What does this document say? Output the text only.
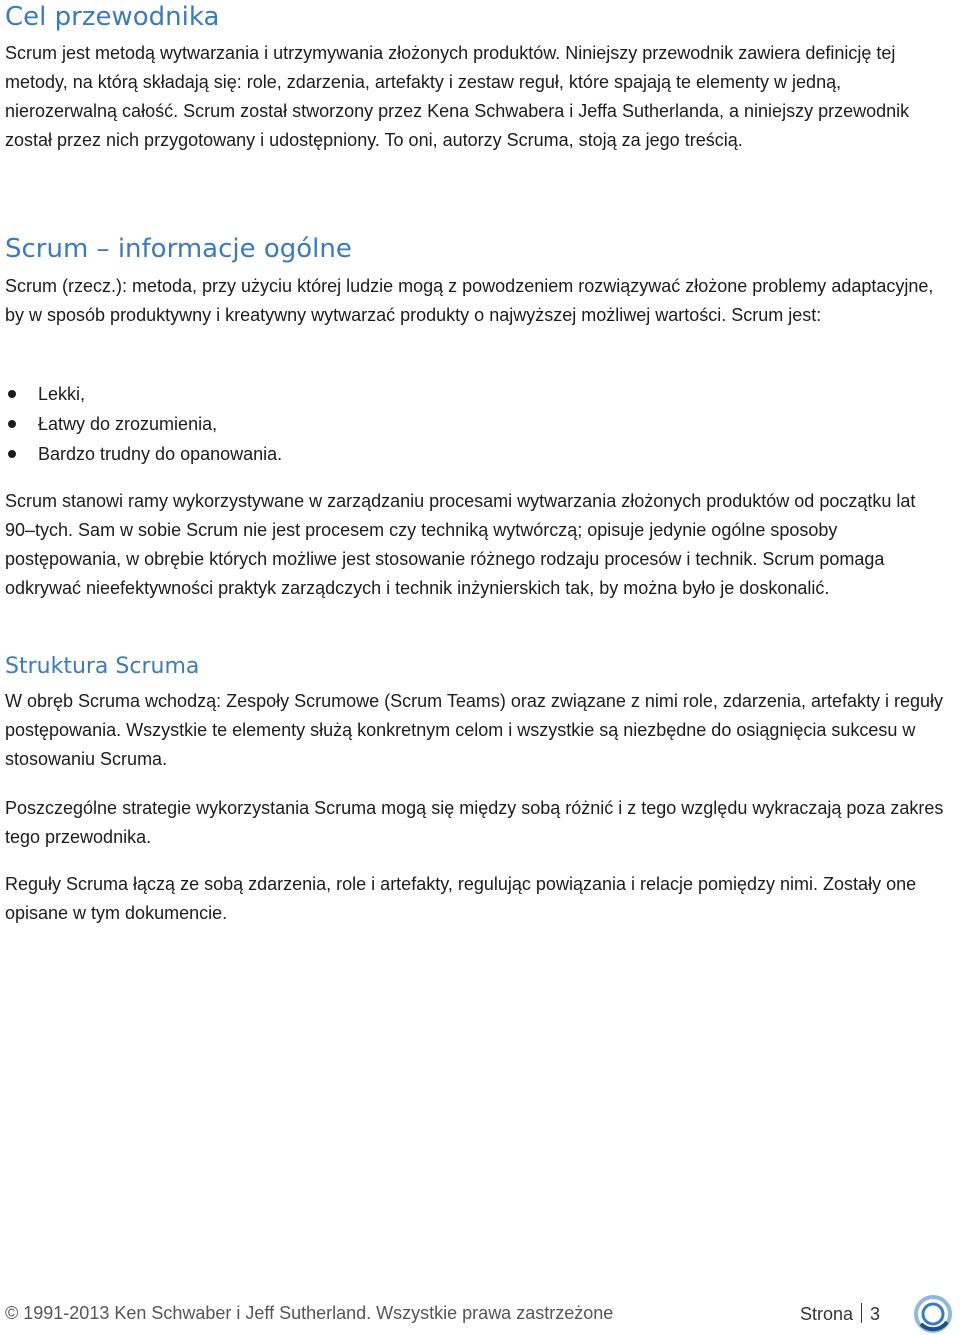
Cel przewodnika

Scrum jest metodą wytwarzania i utrzymywania złożonych produktów. Niniejszy przewodnik zawiera definicję tej metody, na którą składają się: role, zdarzenia, artefakty i zestaw reguł, które spajają te elementy w jedną, nierozerwalną całość. Scrum został stworzony przez Kena Schwabera i Jeffa Sutherlanda, a niniejszy przewodnik został przez nich przygotowany i udostępniony. To oni, autorzy Scruma, stoją za jego treścią.

Scrum – informacje ogólne

Scrum (rzecz.): metoda, przy użyciu której ludzie mogą z powodzeniem rozwiązywać złożone problemy adaptacyjne, by w sposób produktywny i kreatywny wytwarzać produkty o najwyższej możliwej wartości. Scrum jest:

Lekki,
Łatwy do zrozumienia,
Bardzo trudny do opanowania.

Scrum stanowi ramy wykorzystywane w zarządzaniu procesami wytwarzania złożonych produktów od początku lat 90–tych. Sam w sobie Scrum nie jest procesem czy techniką wytwórczą; opisuje jedynie ogólne sposoby postępowania, w obrębie których możliwe jest stosowanie różnego rodzaju procesów i technik. Scrum pomaga odkrywać nieefektywności praktyk zarządczych i technik inżynierskich tak, by można było je doskonalić.

Struktura Scruma

W obręb Scruma wchodzą: Zespoły Scrumowe (Scrum Teams) oraz związane z nimi role, zdarzenia, artefakty i reguły postępowania. Wszystkie te elementy służą konkretnym celom i wszystkie są niezbędne do osiągnięcia sukcesu w stosowaniu Scruma.

Poszczególne strategie wykorzystania Scruma mogą się między sobą różnić i z tego względu wykraczają poza zakres tego przewodnika.

Reguły Scruma łączą ze sobą zdarzenia, role i artefakty, regulując powiązania i relacje pomiędzy nimi. Zostały one opisane w tym dokumencie.

© 1991-2013 Ken Schwaber i Jeff Sutherland. Wszystkie prawa zastrzeżone	Strona 3
